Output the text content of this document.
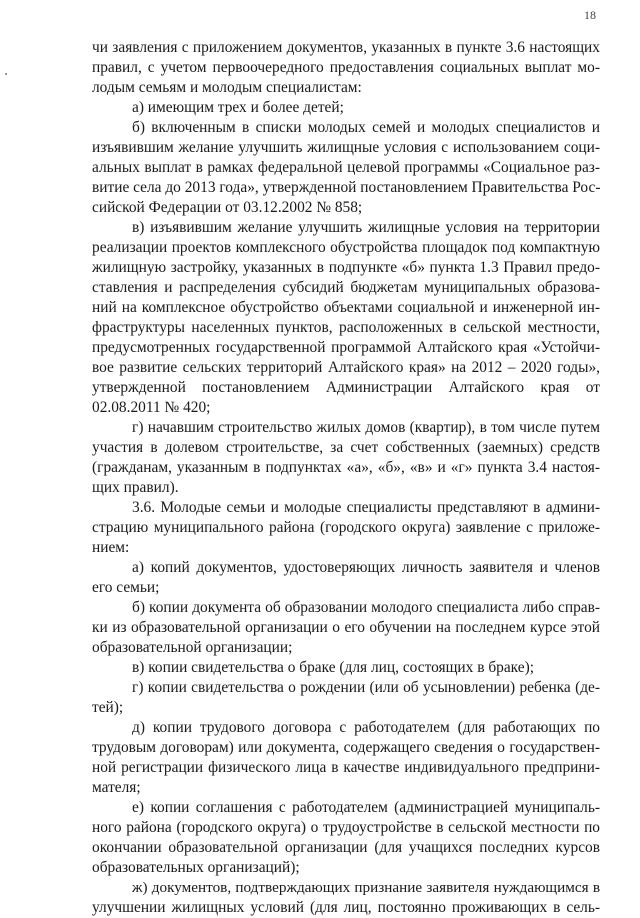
18
чи заявления с приложением документов, указанных в пункте 3.6 настоящих
правил, с учетом первоочередного предоставления социальных выплат мо-
лодым семьям и молодым специалистам:
а) имеющим трех и более детей;
б) включенным в списки молодых семей и молодых специалистов и
изъявившим желание улучшить жилищные условия с использованием соци-
альных выплат в рамках федеральной целевой программы «Социальное раз-
витие села до 2013 года», утвержденной постановлением Правительства Рос-
сийской Федерации от 03.12.2002 № 858;
в) изъявившим желание улучшить жилищные условия на территории
реализации проектов комплексного обустройства площадок под компактную
жилищную застройку, указанных в подпункте «б» пункта 1.3 Правил предо-
ставления и распределения субсидий бюджетам муниципальных образова-
ний на комплексное обустройство объектами социальной и инженерной ин-
фраструктуры населенных пунктов, расположенных в сельской местности,
предусмотренных государственной программой Алтайского края «Устойчи-
вое развитие сельских территорий Алтайского края» на 2012 – 2020 годы»,
утвержденной постановлением Администрации Алтайского края от
02.08.2011 № 420;
г) начавшим строительство жилых домов (квартир), в том числе путем
участия в долевом строительстве, за счет собственных (заемных) средств
(гражданам, указанным в подпунктах «а», «б», «в» и «г» пункта 3.4 настоя-
щих правил).
3.6. Молодые семьи и молодые специалисты представляют в админи-
страцию муниципального района (городского округа) заявление с приложе-
нием:
а) копий документов, удостоверяющих личность заявителя и членов
его семьи;
б) копии документа об образовании молодого специалиста либо справ-
ки из образовательной организации о его обучении на последнем курсе этой
образовательной организации;
в) копии свидетельства о браке (для лиц, состоящих в браке);
г) копии свидетельства о рождении (или об усыновлении) ребенка (де-
тей);
д) копии трудового договора с работодателем (для работающих по
трудовым договорам) или документа, содержащего сведения о государствен-
ной регистрации физического лица в качестве индивидуального предприни-
мателя;
е) копии соглашения с работодателем (администрацией муниципаль-
ного района (городского округа) о трудоустройстве в сельской местности по
окончании образовательной организации (для учащихся последних курсов
образовательных организаций);
ж) документов, подтверждающих признание заявителя нуждающимся в
улучшении жилищных условий (для лиц, постоянно проживающих в сель-
